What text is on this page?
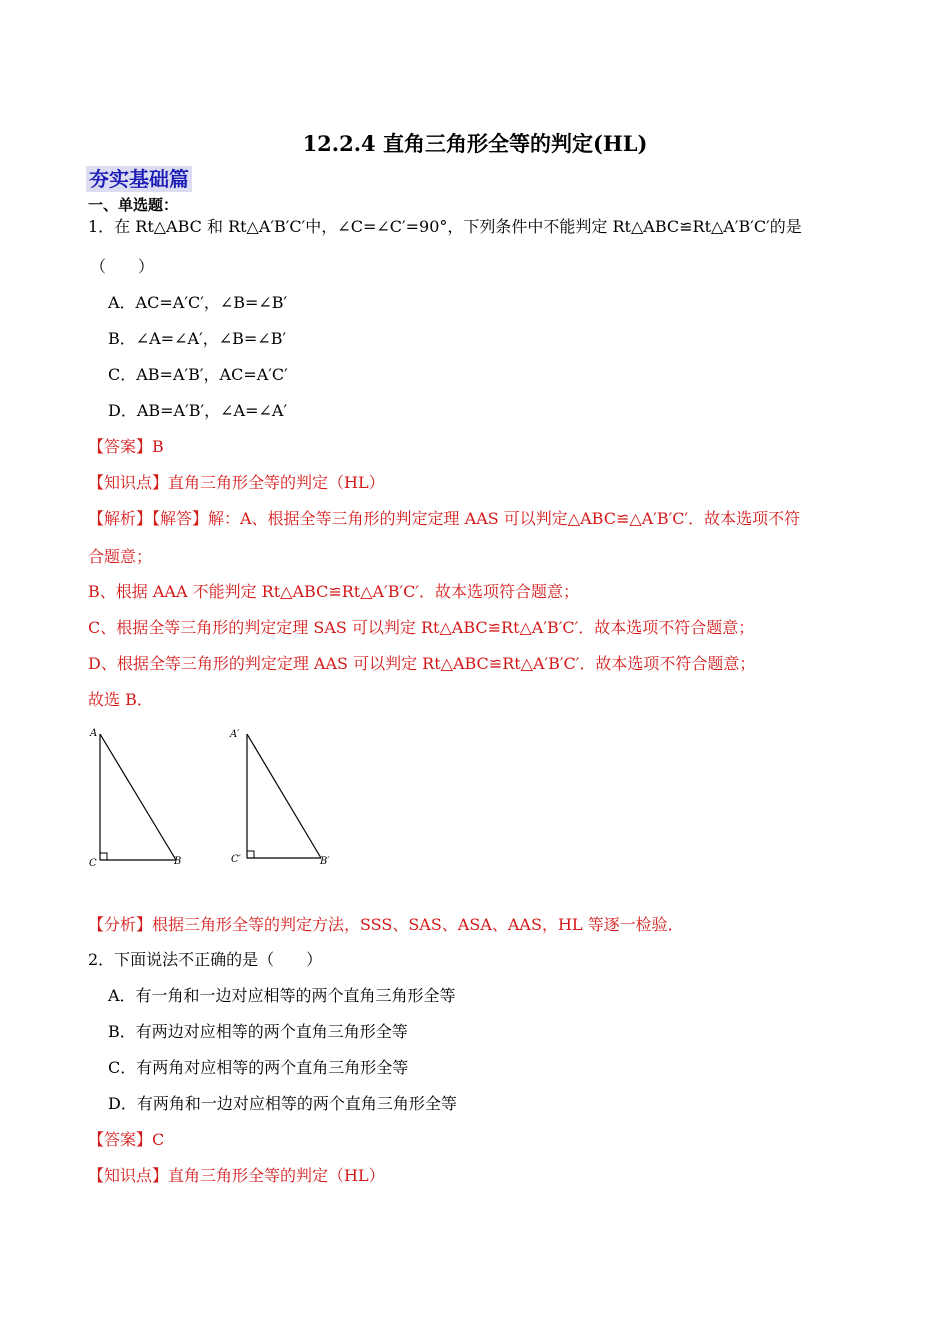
12.2.4 直角三角形全等的判定(HL)
夯实基础篇
一、单选题：
1．在 Rt△ABC 和 Rt△A′B′C′中，∠C=∠C′=90°，下列条件中不能判定 Rt△ABC≌Rt△A′B′C′的是
（　　）
A．AC=A′C′，∠B=∠B′
B．∠A=∠A′，∠B=∠B′
C．AB=A′B′，AC=A′C′
D．AB=A′B′，∠A=∠A′
【答案】B
【知识点】直角三角形全等的判定（HL）
【解析】【解答】解：A、根据全等三角形的判定定理 AAS 可以判定△ABC≌△A′B′C′．故本选项不符
合题意；
B、根据 AAA 不能判定 Rt△ABC≌Rt△A′B′C′．故本选项符合题意；
C、根据全等三角形的判定定理 SAS 可以判定 Rt△ABC≌Rt△A′B′C′．故本选项不符合题意；
D、根据全等三角形的判定定理 AAS 可以判定 Rt△ABC≌Rt△A′B′C′．故本选项不符合题意；
故选 B．
A
C	B
A′
C′	B′
【分析】根据三角形全等的判定方法，SSS、SAS、ASA、AAS，HL 等逐一检验．
2．下面说法不正确的是（　　）
A．有一角和一边对应相等的两个直角三角形全等
B．有两边对应相等的两个直角三角形全等
C．有两角对应相等的两个直角三角形全等
D．有两角和一边对应相等的两个直角三角形全等
【答案】C
【知识点】直角三角形全等的判定（HL）
